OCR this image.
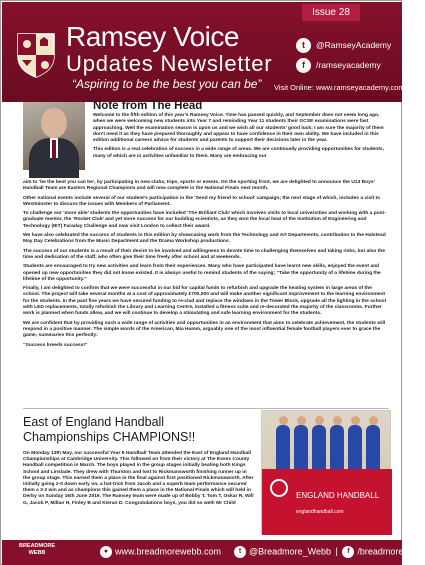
Ramsey Voice
Updates Newsletter
“Aspiring to be the best you can be”
Issue 28
t @RamseyAcademy
f /ramseyacademy
Visit Online: www.ramseyacademy.com
Note from The Head

Welcome to the fifth edition of this year’s Ramsey Voice. Time has passed quickly, and September does not seem long ago, when we were welcoming new students into Year 7 and reminding Year 11 students their GCSE examinations were fast approaching. Well the examination season is upon us and we wish all our students’ good luck; I am sure the majority of them don’t need it as they have prepared thoroughly and appear to have confidence in their own ability. We have included in this edition additional careers advice for students and parents to support their decisions later in the year.

This edition is a real celebration of success in a wide range of areas. We are continually providing opportunities for students, many of which are in activities unfamiliar to them. Many are embracing our

aim to ‘be the best you can be’, by participating in new clubs, trips, sports or events. On the sporting front, we are delighted to announce the U13 Boys’ Handball Team are Eastern Regional Champions and will now complete in the National Finals next month.

Other national events include several of our student’s participation in the ‘Send my friend to school’ campaign; the next stage of which, includes a visit to Westminster to discuss the issues with Members of Parliament.

To challenge our ‘more able’ students the opportunities have included ‘The Brilliant Club’ which involves visits to local universities and working with a post-graduate mentor, the ‘Rocket Club’ and yet more success for our budding scientists, as they won the local heat of the Institution of Engineering and Technology (IET) Faraday Challenge and now visit London to collect their award.

We have also celebrated the success of students in this edition by showcasing work from the Technology and Art Departments, contribution to the Halstead May Day Celebrations from the Music Department and the Drama Workshop productions.

The success of our students is a result of their desire to be involved and willingness to devote time to challenging themselves and taking risks, but also the time and dedication of the staff, who often give their time freely after school and at weekends.

Students are encouraged to try new activities and learn from their experiences. Many who have participated have learnt new skills, enjoyed the event and opened up new opportunities they did not know existed. It is always useful to remind students of the saying; “Take the opportunity of a lifetime during the lifetime of the opportunity.”

Finally, I am delighted to confirm that we were successful in our bid for capital funds to refurbish and upgrade the heating system in large areas of the school. The project will take several months at a cost of approximately £700,000 and will make another significant improvement to the learning environment for the students. In the past five years we have secured funding to re-clad and replace the windows in the Tower Block, upgrade all the lighting in the school with LED replacements, totally refurbish the Library and Learning Centre, installed a fitness suite and re-decorated the majority of the classrooms. Further work is planned when funds allow, and we will continue to develop a stimulating and safe learning environment for the students.

We are confident that by providing such a wide range of activities and opportunities in an environment that aims to celebrate achievement, the students will respond in a positive manner. The simple words of the American, Mia Hamm, arguably one of the most influential female football players ever to grace the game, summaries this perfectly:

“Success breeds success!”

East of England Handball Championships CHAMPIONS!!
On Monday 13th May, our successful Year 8 Handball Team attended the East of England Handball Championships at Cambridge University. This followed on from their victory at The Essex County Handball competition in March. The boys played in the group stages initially beating both Kings School and Linslade. They drew with Thurston and lost to Rickmansworth finishing runner up in the group stage. This earned them a place in the final against first positioned Rickmansworth. After initially going 2-0 down early on, a hat-trick from Jacob and a superb team performance secured them a 3-2 win and as champions this gained them a place in the National Finals which will held in Derby on Sunday 16th June 2019. The Ramsey team were made up of Bobby T, Tom T, Oskar R, Will G, Jacob P, Millan H, Finley B and Kieran D. Congratulations boys, you did so well! Mr Child
ENGLAND HANDBALL
englandhandball.com
BREADMORE WEBB	● www.breadmorewebb.com	t @Breadmore_Webb | f /breadmorewebb
